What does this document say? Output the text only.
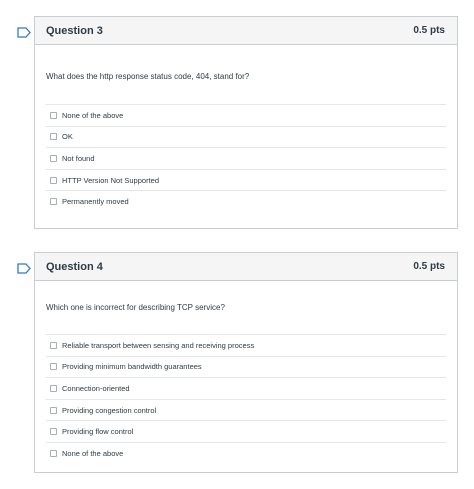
Question 3	0.5 pts
What does the http response status code, 404, stand for?
None of the above
OK
Not found
HTTP Version Not Supported
Permanently moved
Question 4	0.5 pts
Which one is incorrect for describing TCP service?
Reliable transport between sensing and receiving process
Providing minimum bandwidth guarantees
Connection-oriented
Providing congestion control
Providing flow control
None of the above
